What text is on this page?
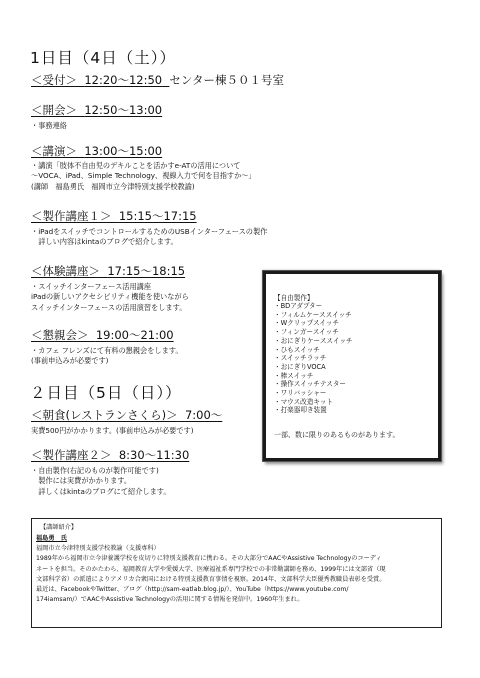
1日目（4日（土））
＜受付＞ 12:20〜12:50 センター棟５０１号室
＜開会＞ 12:50〜13:00
・事務連絡
＜講演＞ 13:00〜15:00
・講演「肢体不自由児のデキルことを活かすe-ATの活用について
〜VOCA、iPad、Simple Technology、視線入力で何を目指すか〜」
(講師　福島勇氏　福岡市立今津特別支援学校教諭)
＜製作講座１＞ 15:15〜17:15
・iPadをスイッチでコントロールするためのUSBインターフェースの製作
　詳しい内容はkintaのブログで紹介します。
＜体験講座＞ 17:15〜18:15
・スイッチインターフェース活用講座
iPadの新しいアクセシビリティ機能を使いながら
スイッチインターフェースの活用演習をします。
＜懇親会＞ 19:00〜21:00
・カフェ フレンズにて有料の懇親会をします。
(事前申込みが必要です)
２日目（5日（日））
＜朝食(レストランさくら)＞ 7:00〜
実費500円がかかります。(事前申込みが必要です)
＜製作講座２＞ 8:30〜11:30
・自由製作(右記のものが製作可能です)
　製作には実費がかかります。
　詳しくはkintaのブログにて紹介します。
【自由製作】
・BDアダプター
・フィルムケーススイッチ
・Wクリップスイッチ
・フィンガースイッチ
・おにぎりケーススイッチ
・ひもスイッチ
・スイッチラッチ
・おにぎりVOCA
・棒スイッチ
・操作スイッチテスター
・ワリバッシャー
・マウス改造キット
・打楽器叩き装置
一部、数に限りのあるものがあります。
【講師紹介】
福島勇　氏
福岡市立今津特別支援学校教諭（支援専科）
1989年から福岡市立今津養護学校を皮切りに特別支援教育に携わる。その大部分でAACやAssistive Technologyのコーディ
ネートを担当。そのかたわら、福岡教育大学や愛媛大学、医療福祉系専門学校での非常勤講師を務め、1999年には文部省（現
文部科学省）の派遣によりアメリカ合衆国における特別支援教育事情を視察。2014年、文部科学大臣優秀教職員表彰を受賞。
最近は、FacebookやTwitter、ブログ（http://sam-eatlab.blog.jp/）、YouTube（https://www.youtube.com/
174iamsam/）でAACやAssistive Technologyの活用に関する情報を発信中。1960年生まれ。
